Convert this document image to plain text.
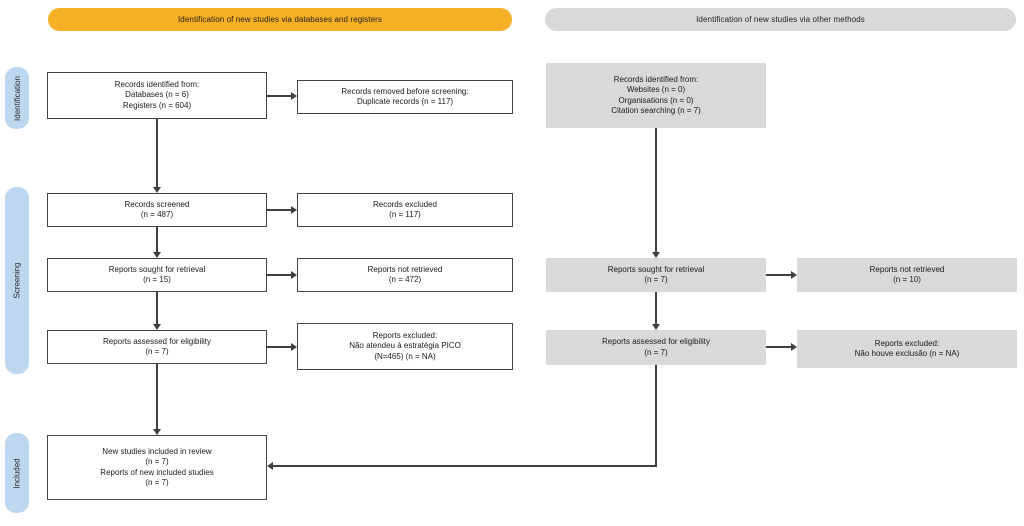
Identification of new studies via databases and registers	Identification of new studies via other methods
Identification
Screening
Included
Records identified from:
Databases (n = 6)
Registers (n = 604)
Records removed before screening:
Duplicate records (n = 117)
Records screened
(n = 487)
Records excluded
(n = 117)
Reports sought for retrieval
(n = 15)
Reports not retrieved
(n = 472)
Reports assessed for eligibility
(n = 7)
Reports excluded:
Não atendeu à estratégia PICO
(N=465) (n = NA)
New studies included in review
(n = 7)
Reports of new included studies
(n = 7)
Records identified from:
Websites (n = 0)
Organisations (n = 0)
Citation searching (n = 7)
Reports sought for retrieval
(n = 7)
Reports not retrieved
(n = 10)
Reports assessed for eligibility
(n = 7)
Reports excluded:
Não houve exclusão (n = NA)
